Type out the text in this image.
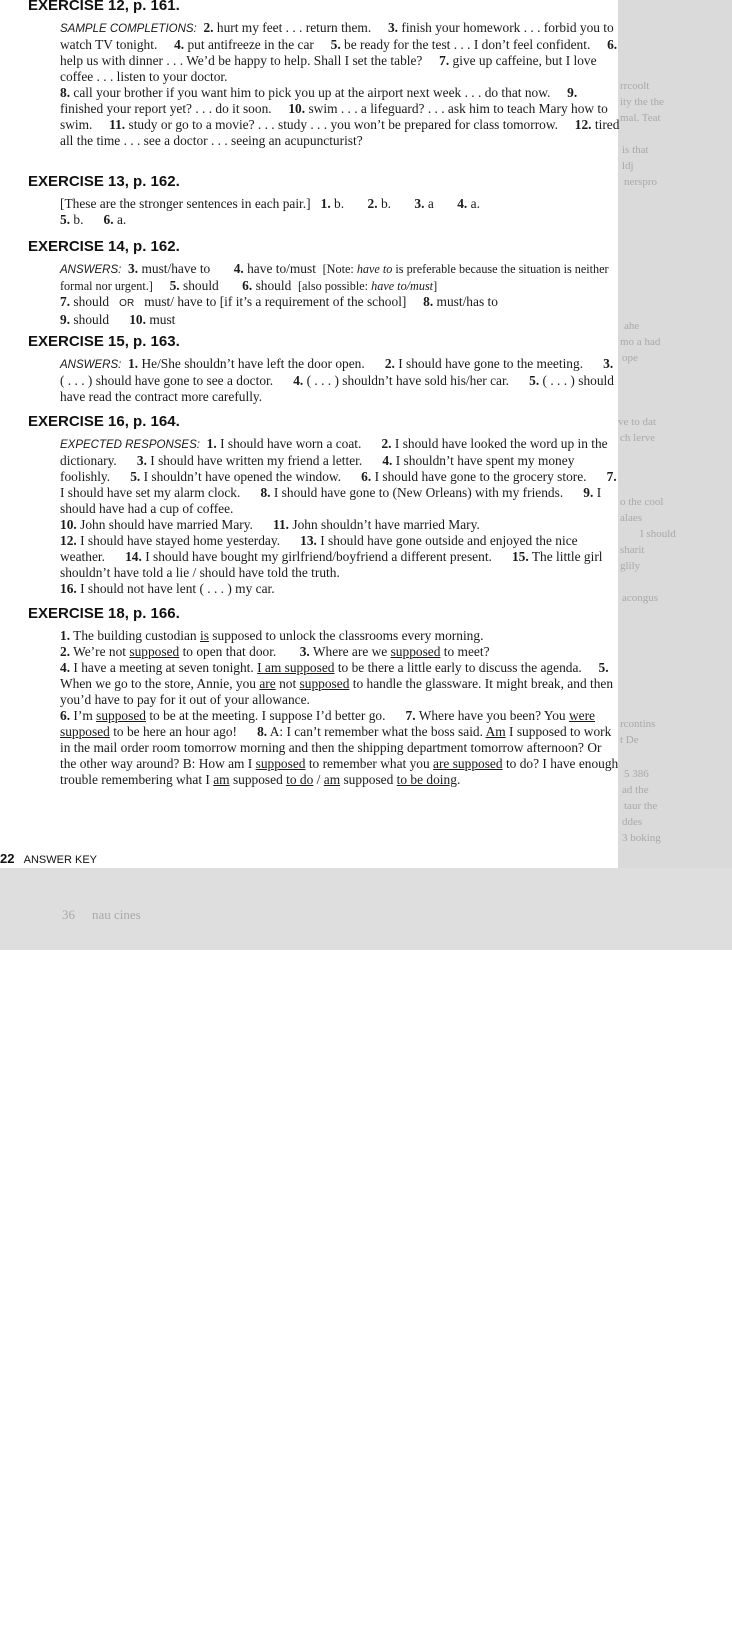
rrcoolt
ity the the
mal. Teat
is that
ldj
nerspro
ahe
mo a had
ope
ve to dat
ch lerve
o the cool
alaes
I should
sharit
glily
acongus
rcontins
t De
5 386
ad the
taur the
ddes
3 boking
36 nau cines
EXERCISE 12, p. 161.

SAMPLE COMPLETIONS: 2. hurt my feet . . . return them. 3. finish your homework . . . forbid you to watch TV tonight. 4. put antifreeze in the car 5. be ready for the test . . . I don’t feel confident. 6. help us with dinner . . . We’d be happy to help. Shall I set the table? 7. give up caffeine, but I love coffee . . . listen to your doctor.
8. call your brother if you want him to pick you up at the airport next week . . . do that now. 9. finished your report yet? . . . do it soon. 10. swim . . . a lifeguard? . . . ask him to teach Mary how to swim. 11. study or go to a movie? . . . study . . . you won’t be prepared for class tomorrow. 12. tired all the time . . . see a doctor . . . seeing an acupuncturist?

EXERCISE 13, p. 162.

[These are the stronger sentences in each pair.] 1. b. 2. b. 3. a 4. a.
5. b. 6. a.

EXERCISE 14, p. 162.

ANSWERS: 3. must/have to 4. have to/must [Note: have to is preferable because the situation is neither formal nor urgent.] 5. should 6. should [also possible: have to/must]
7. should OR must/ have to [if it’s a requirement of the school] 8. must/has to
9. should 10. must

EXERCISE 15, p. 163.

ANSWERS: 1. He/She shouldn’t have left the door open. 2. I should have gone to the meeting. 3. ( . . . ) should have gone to see a doctor. 4. ( . . . ) shouldn’t have sold his/her car. 5. ( . . . ) should have read the contract more carefully.

EXERCISE 16, p. 164.

EXPECTED RESPONSES: 1. I should have worn a coat. 2. I should have looked the word up in the dictionary. 3. I should have written my friend a letter. 4. I shouldn’t have spent my money foolishly. 5. I shouldn’t have opened the window. 6. I should have gone to the grocery store. 7. I should have set my alarm clock. 8. I should have gone to (New Orleans) with my friends. 9. I should have had a cup of coffee.
10. John should have married Mary. 11. John shouldn’t have married Mary.
12. I should have stayed home yesterday. 13. I should have gone outside and enjoyed the nice weather. 14. I should have bought my girlfriend/boyfriend a different present. 15. The little girl shouldn’t have told a lie / should have told the truth.
16. I should not have lent ( . . . ) my car.

EXERCISE 18, p. 166.

1. The building custodian is supposed to unlock the classrooms every morning.
2. We’re not supposed to open that door. 3. Where are we supposed to meet?
4. I have a meeting at seven tonight. I am supposed to be there a little early to discuss the agenda. 5. When we go to the store, Annie, you are not supposed to handle the glassware. It might break, and then you’d have to pay for it out of your allowance.
6. I’m supposed to be at the meeting. I suppose I’d better go. 7. Where have you been? You were supposed to be here an hour ago! 8. A: I can’t remember what the boss said. Am I supposed to work in the mail order room tomorrow morning and then the shipping department tomorrow afternoon? Or the other way around? B: How am I supposed to remember what you are supposed to do? I have enough trouble remembering what I am supposed to do / am supposed to be doing.

22 ANSWER KEY
